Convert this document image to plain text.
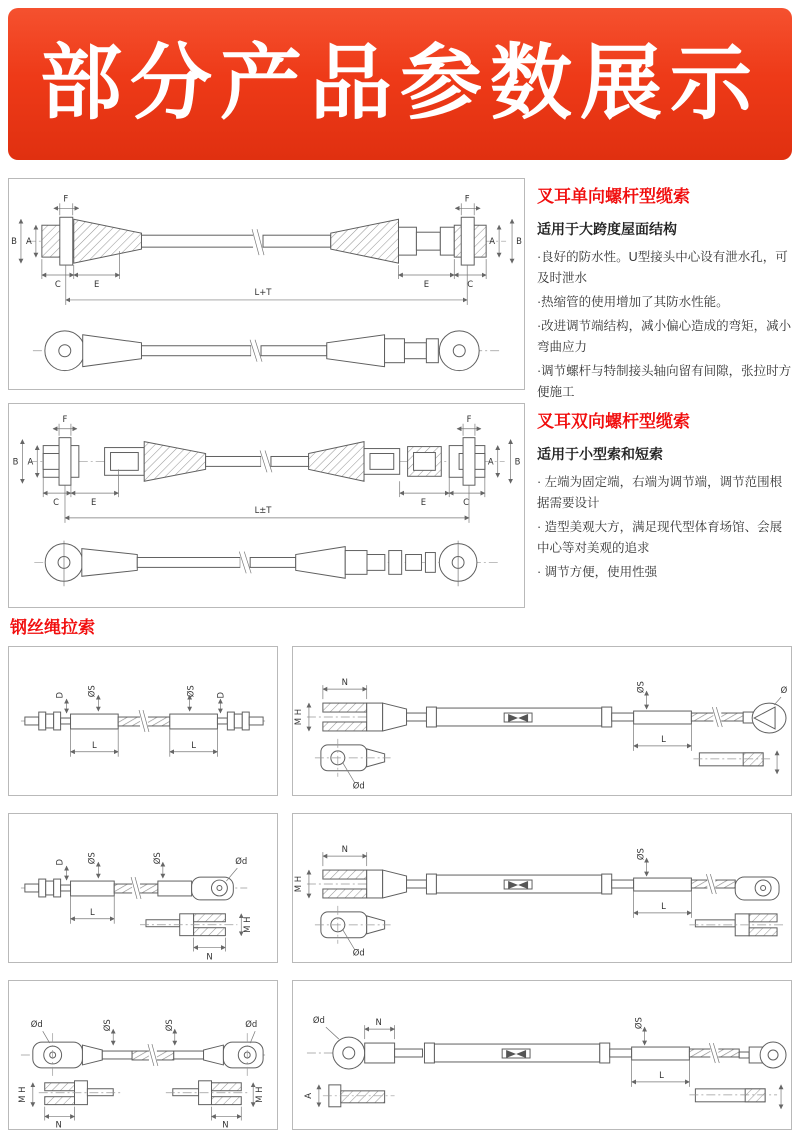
部分产品参数展示
B A
F	F
A B
C	E	E	C
L+T
叉耳单向螺杆型缆索
适用于大跨度屋面结构

·良好的防水性。U型接头中心设有泄水孔，可及时泄水

·热缩管的使用增加了其防水性能。

·改进调节端结构，减小偏心造成的弯矩，减小弯曲应力

·调节螺杆与特制接头轴向留有间隙，张拉时方便施工

B A
F	F
A B
C	E	E	C
L±T
叉耳双向螺杆型缆索
适用于小型索和短索

· 左端为固定端，右端为调节端，调节范围根据需要设计

· 造型美观大方，满足现代型体育场馆、会展中心等对美观的追求

· 调节方便，使用性强

钢丝绳拉索
D	ØS
L
ØS
L
D
N
M H
Ød
ØS
L
Ø
D	ØS
L
ØS	Ød
N
M H
N
M H
Ød
ØS
L
Ød	ØS	ØS	Ød
M H
N	N
M H
Ød	N
A
ØS
L
